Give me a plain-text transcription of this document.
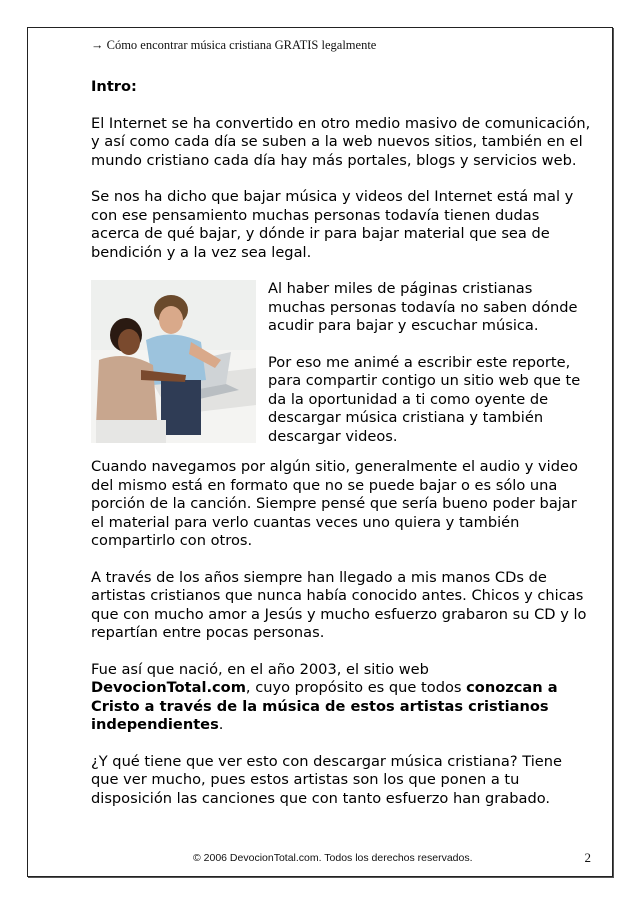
→ Cómo encontrar música cristiana GRATIS legalmente
Intro:

El Internet se ha convertido en otro medio masivo de comunicación, y así como cada día se suben a la web nuevos sitios, también en el mundo cristiano cada día hay más portales, blogs y servicios web.

Se nos ha dicho que bajar música y videos del Internet está mal y con ese pensamiento muchas personas todavía tienen dudas acerca de qué bajar, y dónde ir para bajar material que sea de bendición y a la vez sea legal.

Al haber miles de páginas cristianas muchas personas todavía no saben dónde acudir para bajar y escuchar música.

Por eso me animé a escribir este reporte, para compartir contigo un sitio web que te da la oportunidad a ti como oyente de descargar música cristiana y también descargar videos.

Cuando navegamos por algún sitio, generalmente el audio y video del mismo está en formato que no se puede bajar o es sólo una porción de la canción. Siempre pensé que sería bueno poder bajar el material para verlo cuantas veces uno quiera y también compartirlo con otros.

A través de los años siempre han llegado a mis manos CDs de artistas cristianos que nunca había conocido antes. Chicos y chicas que con mucho amor a Jesús y mucho esfuerzo grabaron su CD y lo repartían entre pocas personas.

Fue así que nació, en el año 2003, el sitio web
DevocionTotal.com, cuyo propósito es que todos conozcan a Cristo a través de la música de estos artistas cristianos independientes.

¿Y qué tiene que ver esto con descargar música cristiana? Tiene que ver mucho, pues estos artistas son los que ponen a tu disposición las canciones que con tanto esfuerzo han grabado.

© 2006 DevocionTotal.com. Todos los derechos reservados.	2
